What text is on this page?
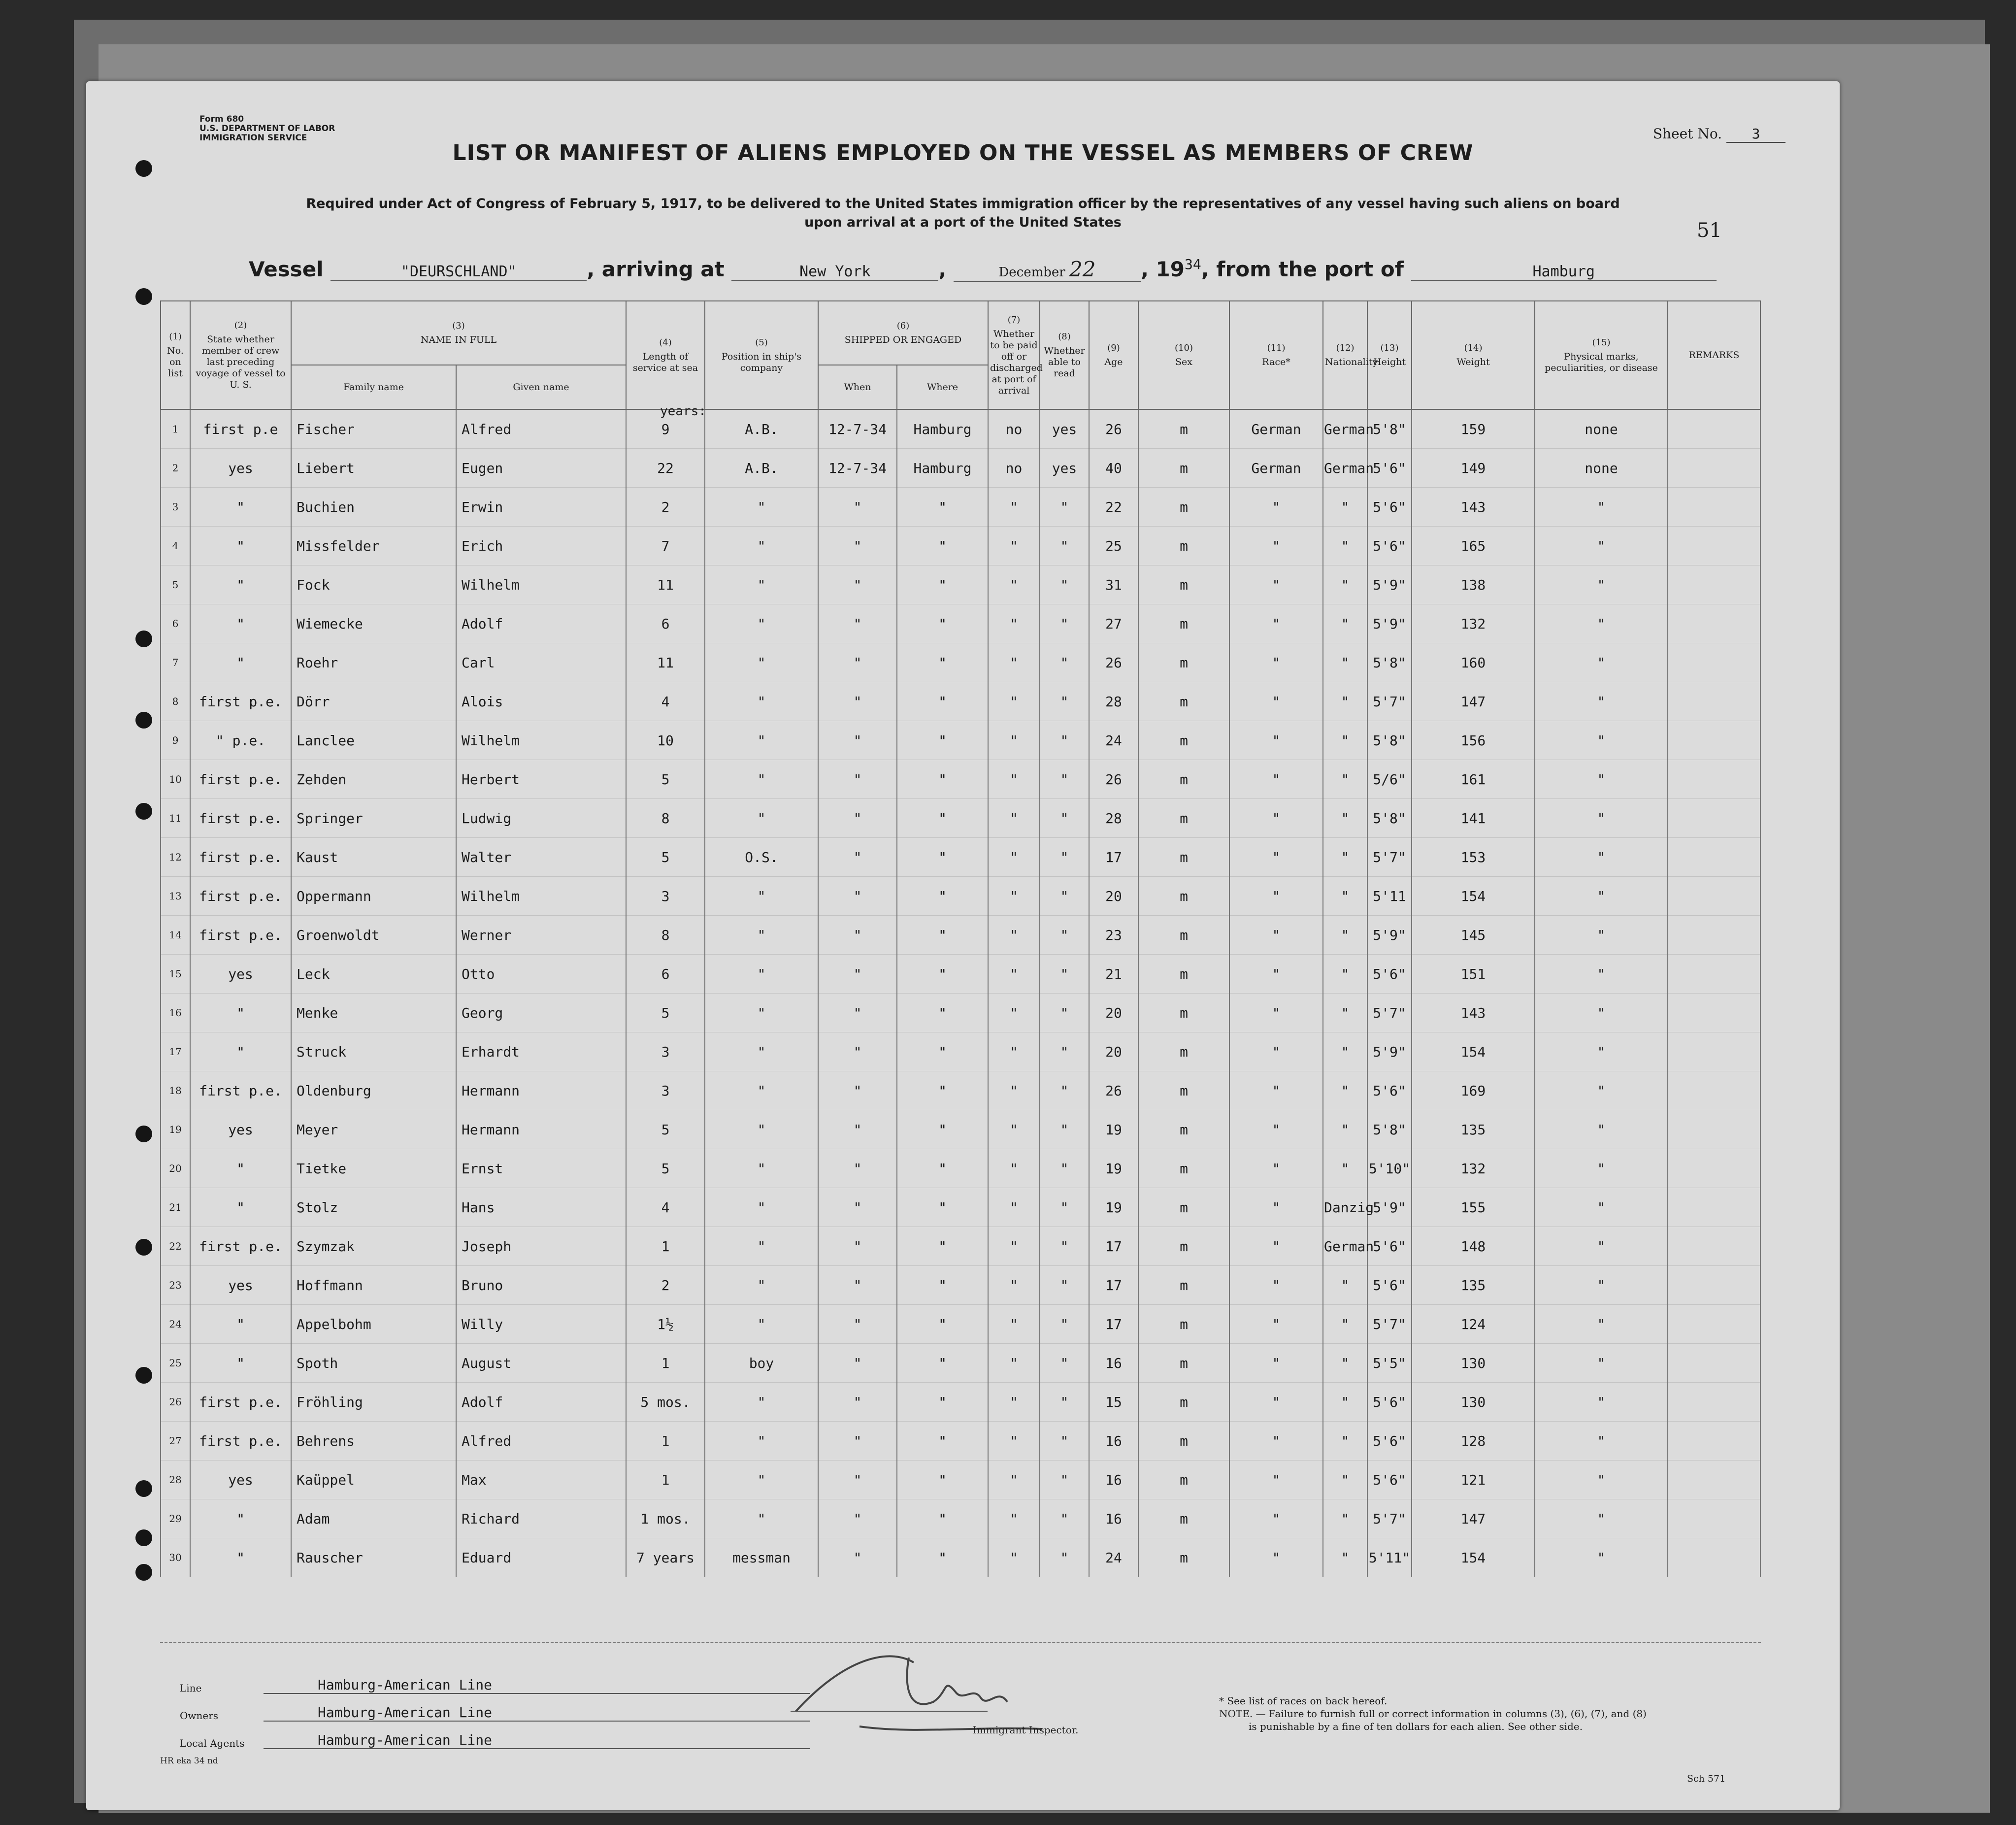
Form 680
U.S. DEPARTMENT OF LABOR
IMMIGRATION SERVICE	Sheet No. 3
LIST OR MANIFEST OF ALIENS EMPLOYED ON THE VESSEL AS MEMBERS OF CREW
Required under Act of Congress of February 5, 1917, to be delivered to the United States immigration officer by the representatives of any vessel having such aliens on board
upon arrival at a port of the United States	51
Vessel	"DEURSCHLAND"	, arriving at	New York	,	December 22 , $19^{34}$, from the port of	Hamburg
(1)
No. on list	(2)
State whether member of crew last preceding voyage of vessel to U. S.	(3)
NAME IN FULL		(4)
Length of service at sea	(5)
Position in ship's company	(6)
SHIPPED OR ENGAGED		(7)
Whether to be paid off or discharged at port of arrival	(8)
Whether able to read	(9)
Age	(10)
Sex	(11)
Race*	(12)
Nationality	(13)
Height	(14)
Weight	(15)
Physical marks, peculiarities, or disease	REMARKS
		Family name	Given name			When	Where										
1	first p.e	Fischer	Alfred	9	A.B.	12-7-34	Hamburg	no	yes	26	m	German	German	5'8"	159	none	
2	yes	Liebert	Eugen	22	A.B.	12-7-34	Hamburg	no	yes	40	m	German	German	5'6"	149	none	
3	"	Buchien	Erwin	2	"	"	"	"	"	22	m	"	"	5'6"	143	"	
4	"	Missfelder	Erich	7	"	"	"	"	"	25	m	"	"	5'6"	165	"	
5	"	Fock	Wilhelm	11	"	"	"	"	"	31	m	"	"	5'9"	138	"	
6	"	Wiemecke	Adolf	6	"	"	"	"	"	27	m	"	"	5'9"	132	"	
7	"	Roehr	Carl	11	"	"	"	"	"	26	m	"	"	5'8"	160	"	
8	first p.e.	Dörr	Alois	4	"	"	"	"	"	28	m	"	"	5'7"	147	"	
9	" p.e.	Lanclee	Wilhelm	10	"	"	"	"	"	24	m	"	"	5'8"	156	"	
10	first p.e.	Zehden	Herbert	5	"	"	"	"	"	26	m	"	"	5/6"	161	"	
11	first p.e.	Springer	Ludwig	8	"	"	"	"	"	28	m	"	"	5'8"	141	"	
12	first p.e.	Kaust	Walter	5	O.S.	"	"	"	"	17	m	"	"	5'7"	153	"	
13	first p.e.	Oppermann	Wilhelm	3	"	"	"	"	"	20	m	"	"	5'11	154	"	
14	first p.e.	Groenwoldt	Werner	8	"	"	"	"	"	23	m	"	"	5'9"	145	"	
15	yes	Leck	Otto	6	"	"	"	"	"	21	m	"	"	5'6"	151	"	
16	"	Menke	Georg	5	"	"	"	"	"	20	m	"	"	5'7"	143	"	
17	"	Struck	Erhardt	3	"	"	"	"	"	20	m	"	"	5'9"	154	"	
18	first p.e.	Oldenburg	Hermann	3	"	"	"	"	"	26	m	"	"	5'6"	169	"	
19	yes	Meyer	Hermann	5	"	"	"	"	"	19	m	"	"	5'8"	135	"	
20	"	Tietke	Ernst	5	"	"	"	"	"	19	m	"	"	5'10"	132	"	
21	"	Stolz	Hans	4	"	"	"	"	"	19	m	"	Danzig	5'9"	155	"	
22	first p.e.	Szymzak	Joseph	1	"	"	"	"	"	17	m	"	German	5'6"	148	"	
23	yes	Hoffmann	Bruno	2	"	"	"	"	"	17	m	"	"	5'6"	135	"	
24	"	Appelbohm	Willy	1½	"	"	"	"	"	17	m	"	"	5'7"	124	"	
25	"	Spoth	August	1	boy	"	"	"	"	16	m	"	"	5'5"	130	"	
26	first p.e.	Fröhling	Adolf	5 mos.	"	"	"	"	"	15	m	"	"	5'6"	130	"	
27	first p.e.	Behrens	Alfred	1	"	"	"	"	"	16	m	"	"	5'6"	128	"	
28	yes	Kaüppel	Max	1	"	"	"	"	"	16	m	"	"	5'6"	121	"	
29	"	Adam	Richard	1 mos.	"	"	"	"	"	16	m	"	"	5'7"	147	"	
30	"	Rauscher	Eduard	7 years	messman	"	"	"	"	24	m	"	"	5'11"	154	"	
years:
Line	Hamburg-American Line
Owners	Hamburg-American Line
Local Agents	Hamburg-American Line
Immigrant Inspector.
* See list of races on back hereof.
NOTE. — Failure to furnish full or correct information in columns (3), (6), (7), and (8)
is punishable by a fine of ten dollars for each alien. See other side.
Sch 571
HR eka 34 nd
